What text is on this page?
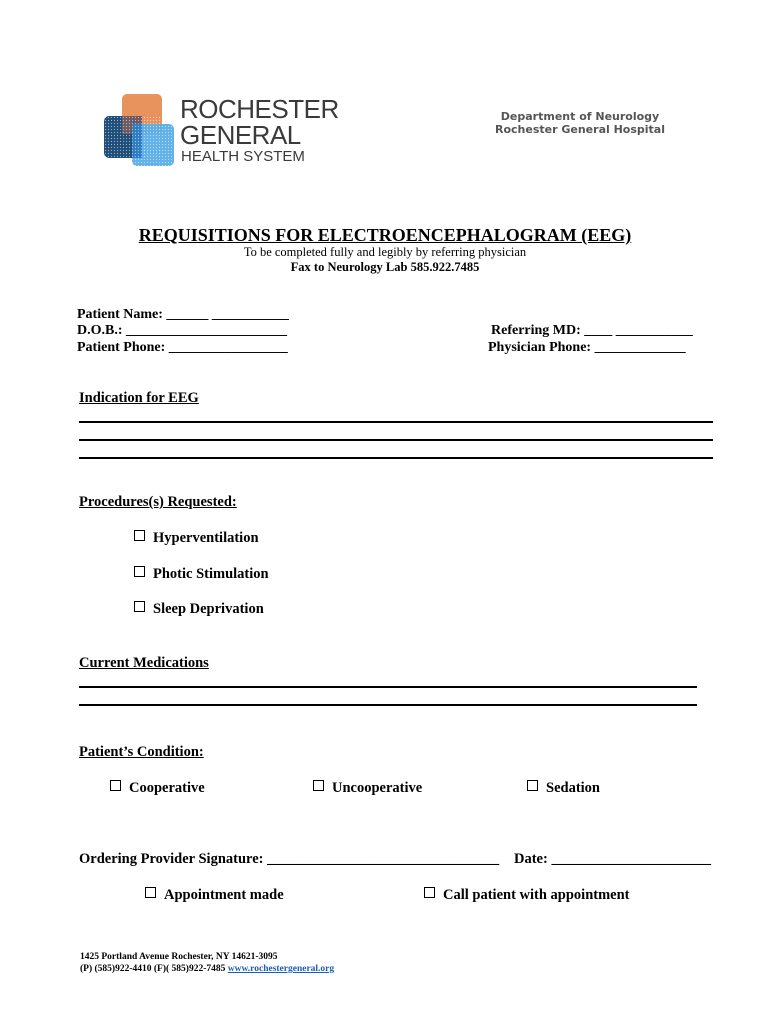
ROCHESTER
GENERAL
HEALTH SYSTEM
Department of Neurology
Rochester General Hospital
REQUISITIONS FOR ELECTROENCEPHALOGRAM (EEG)
To be completed fully and legibly by referring physician
Fax to Neurology Lab 585.922.7485
Patient Name: ______ ___________
D.O.B.: _______________________
Patient Phone: _________________
Referring MD: ____ ___________
Physician Phone: _____________
Indication for EEG
Procedures(s) Requested:
Hyperventilation
Photic Stimulation
Sleep Deprivation
Current Medications
Patient’s Condition:
Cooperative	Uncooperative	Sedation
Ordering Provider Signature: ________________________________ Date: ______________________
Appointment made	Call patient with appointment
1425 Portland Avenue Rochester, NY 14621-3095
(P) (585)922-4410 (F)( 585)922-7485 www.rochestergeneral.org
